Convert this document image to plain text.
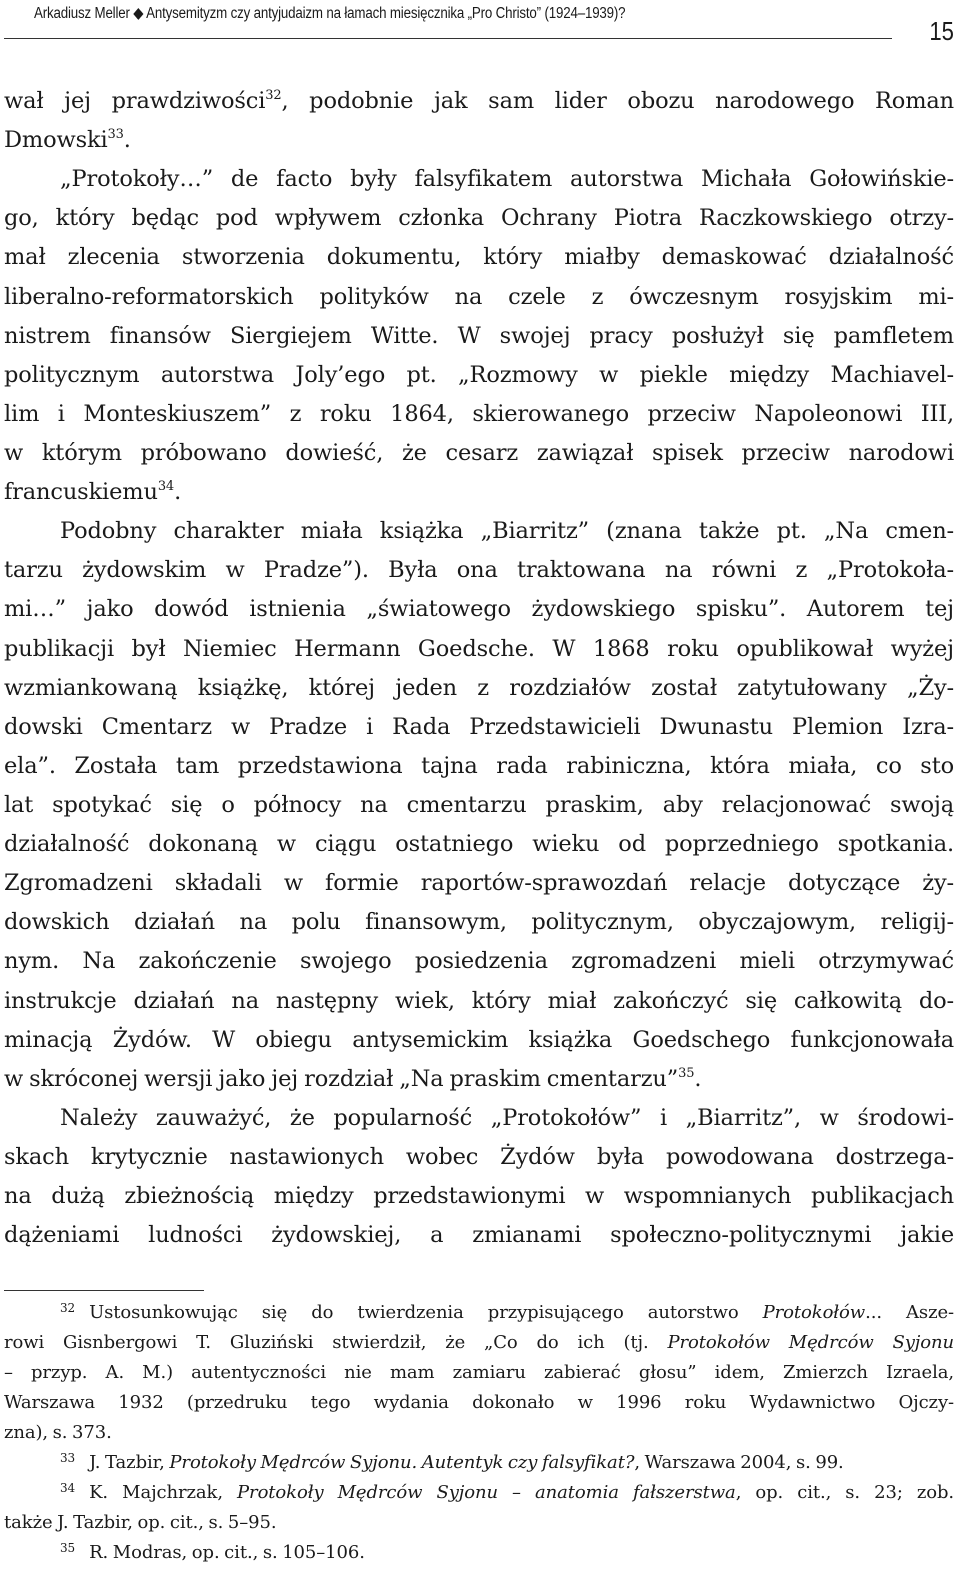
Arkadiusz Meller ◆ Antysemityzm czy antyjudaizm na łamach miesięcznika „Pro Christo” (1924–1939)?
15
wał jej prawdziwości$^{32}$, podobnie jak sam lider obozu narodowego Roman
Dmowski$^{33}$.
„Protokoły…” de facto były falsyfikatem autorstwa Michała Gołowińskie-
go, który będąc pod wpływem członka Ochrany Piotra Raczkowskiego otrzy-
mał zlecenia stworzenia dokumentu, który miałby demaskować działalność
liberalno-reformatorskich polityków na czele z ówczesnym rosyjskim mi-
nistrem finansów Siergiejem Witte. W swojej pracy posłużył się pamfletem
politycznym autorstwa Joly’ego pt. „Rozmowy w piekle między Machiavel-
lim i Monteskiuszem” z roku 1864, skierowanego przeciw Napoleonowi III,
w którym próbowano dowieść, że cesarz zawiązał spisek przeciw narodowi
francuskiemu$^{34}$.
Podobny charakter miała książka „Biarritz” (znana także pt. „Na cmen-
tarzu żydowskim w Pradze”). Była ona traktowana na równi z „Protokoła-
mi…” jako dowód istnienia „światowego żydowskiego spisku”. Autorem tej
publikacji był Niemiec Hermann Goedsche. W 1868 roku opublikował wyżej
wzmiankowaną książkę, której jeden z rozdziałów został zatytułowany „Ży-
dowski Cmentarz w Pradze i Rada Przedstawicieli Dwunastu Plemion Izra-
ela”. Została tam przedstawiona tajna rada rabiniczna, która miała, co sto
lat spotykać się o północy na cmentarzu praskim, aby relacjonować swoją
działalność dokonaną w ciągu ostatniego wieku od poprzedniego spotkania.
Zgromadzeni składali w formie raportów-sprawozdań relacje dotyczące ży-
dowskich działań na polu finansowym, politycznym, obyczajowym, religij-
nym. Na zakończenie swojego posiedzenia zgromadzeni mieli otrzymywać
instrukcje działań na następny wiek, który miał zakończyć się całkowitą do-
minacją Żydów. W obiegu antysemickim książka Goedschego funkcjonowała
w skróconej wersji jako jej rozdział „Na praskim cmentarzu”$^{35}$.
Należy zauważyć, że popularność „Protokołów” i „Biarritz”, w środowi-
skach krytycznie nastawionych wobec Żydów była powodowana dostrzega-
na dużą zbieżnością między przedstawionymi w wspomnianych publikacjach
dążeniami ludności żydowskiej, a zmianami społeczno-politycznymi jakie
$^{32}$ Ustosunkowując się do twierdzenia przypisującego autorstwo Protokołów... Asze-
rowi Gisnbergowi T. Gluziński stwierdził, że „Co do ich (tj. Protokołów Mędrców Syjonu
– przyp. A. M.) autentyczności nie mam zamiaru zabierać głosu” idem, Zmierzch Izraela,
Warszawa 1932 (przedruku tego wydania dokonało w 1996 roku Wydawnictwo Ojczy-
zna), s. 373.
$^{33}$ J. Tazbir, Protokoły Mędrców Syjonu. Autentyk czy falsyfikat?, Warszawa 2004, s. 99.
$^{34}$ K. Majchrzak, Protokoły Mędrców Syjonu – anatomia fałszerstwa, op. cit., s. 23; zob.
także J. Tazbir, op. cit., s. 5–95.
$^{35}$ R. Modras, op. cit., s. 105–106.
